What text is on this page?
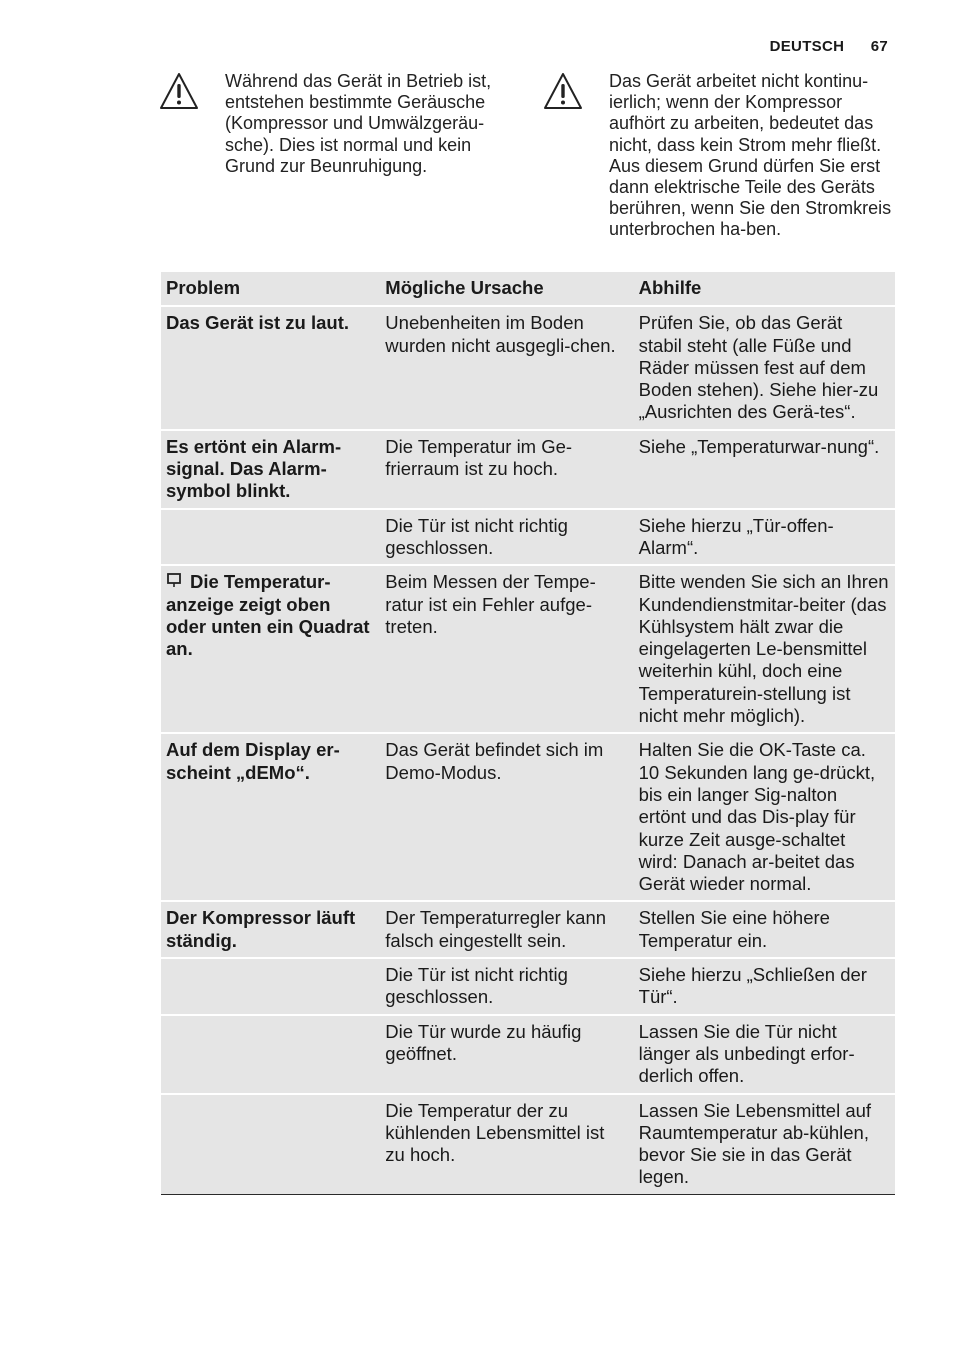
DEUTSCH 67
Während das Gerät in Betrieb ist, entstehen bestimmte Geräusche (Kompressor und Umwälzgeräu-sche). Dies ist normal und kein Grund zur Beunruhigung.
Das Gerät arbeitet nicht kontinu-ierlich; wenn der Kompressor aufhört zu arbeiten, bedeutet das nicht, dass kein Strom mehr fließt. Aus diesem Grund dürfen Sie erst dann elektrische Teile des Geräts berühren, wenn Sie den Stromkreis unterbrochen ha-ben.
Problem	Mögliche Ursache	Abhilfe
Das Gerät ist zu laut.	Unebenheiten im Boden wurden nicht ausgegli-chen.	Prüfen Sie, ob das Gerät stabil steht (alle Füße und Räder müssen fest auf dem Boden stehen). Siehe hier-zu „Ausrichten des Gerä-tes“.
Es ertönt ein Alarm-signal. Das Alarm-symbol blinkt.	Die Temperatur im Ge-frierraum ist zu hoch.	Siehe „Temperaturwar-nung“.
	Die Tür ist nicht richtig geschlossen.	Siehe hierzu „Tür-offen-Alarm“.
Die Temperatur-anzeige zeigt oben oder unten ein Quadrat an.	Beim Messen der Tempe-ratur ist ein Fehler aufge-treten.	Bitte wenden Sie sich an Ihren Kundendienstmitar-beiter (das Kühlsystem hält zwar die eingelagerten Le-bensmittel weiterhin kühl, doch eine Temperaturein-stellung ist nicht mehr möglich).
Auf dem Display er-scheint „dEMo“.	Das Gerät befindet sich im Demo-Modus.	Halten Sie die OK-Taste ca. 10 Sekunden lang ge-drückt, bis ein langer Sig-nalton ertönt und das Dis-play für kurze Zeit ausge-schaltet wird: Danach ar-beitet das Gerät wieder normal.
Der Kompressor läuft ständig.	Der Temperaturregler kann falsch eingestellt sein.	Stellen Sie eine höhere Temperatur ein.
	Die Tür ist nicht richtig geschlossen.	Siehe hierzu „Schließen der Tür“.
	Die Tür wurde zu häufig geöffnet.	Lassen Sie die Tür nicht länger als unbedingt erfor-derlich offen.
	Die Temperatur der zu kühlenden Lebensmittel ist zu hoch.	Lassen Sie Lebensmittel auf Raumtemperatur ab-kühlen, bevor Sie sie in das Gerät legen.
